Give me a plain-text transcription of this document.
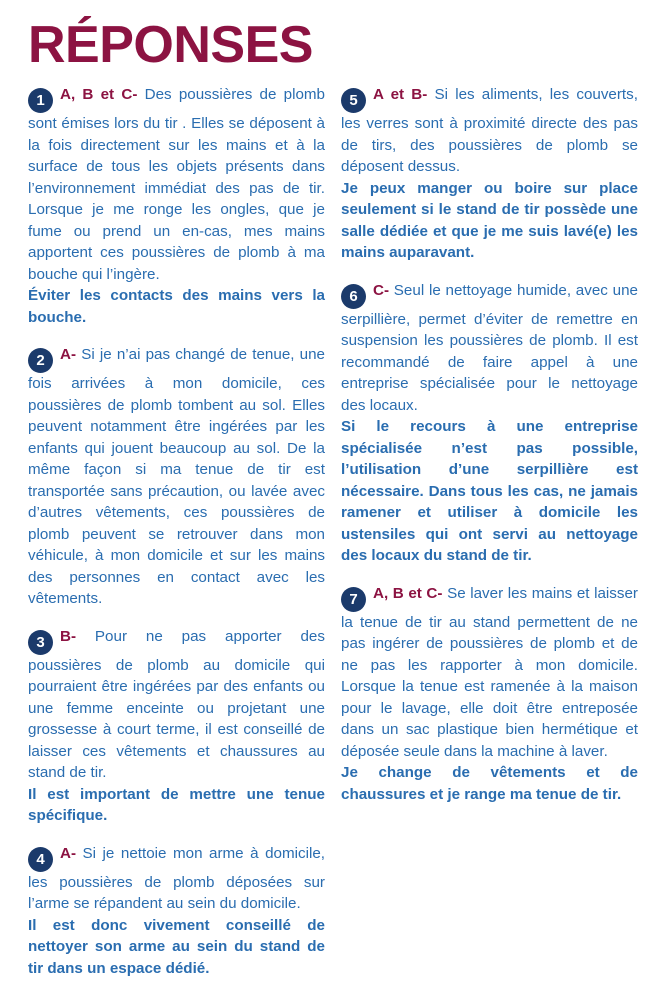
RÉPONSES

1 A, B et C- Des poussières de plomb sont émises lors du tir . Elles se déposent à la fois directement sur les mains et à la surface de tous les objets présents dans l’environnement immédiat des pas de tir. Lorsque je me ronge les ongles, que je fume ou prend un en-cas, mes mains apportent ces poussières de plomb à ma bouche qui l’ingère.

Éviter les contacts des mains vers la bouche.

2 A- Si je n’ai pas changé de tenue, une fois arrivées à mon domicile, ces poussières de plomb tombent au sol. Elles peuvent notamment être ingérées par les enfants qui jouent beaucoup au sol. De la même façon si ma tenue de tir est transportée sans précaution, ou lavée avec d’autres vêtements, ces poussières de plomb peuvent se retrouver dans mon véhicule, à mon domicile et sur les mains des personnes en contact avec les vêtements.

3 B- Pour ne pas apporter des poussières de plomb au domicile qui pourraient être ingérées par des enfants ou une femme enceinte ou projetant une grossesse à court terme, il est conseillé de laisser ces vêtements et chaussures au stand de tir.

Il est important de mettre une tenue spécifique.

4 A- Si je nettoie mon arme à domicile, les poussières de plomb déposées sur l’arme se répandent au sein du domicile.

Il est donc vivement conseillé de nettoyer son arme au sein du stand de tir dans un espace dédié.

5 A et B- Si les aliments, les couverts, les verres sont à proximité directe des pas de tirs, des poussières de plomb se déposent dessus.

Je peux manger ou boire sur place seulement si le stand de tir possède une salle dédiée et que je me suis lavé(e) les mains auparavant.

6 C- Seul le nettoyage humide, avec une serpillière, permet d’éviter de remettre en suspension les poussières de plomb. Il est recommandé de faire appel à une entreprise spécialisée pour le nettoyage des locaux.

Si le recours à une entreprise spécialisée n’est pas possible, l’utilisation d’une serpillière est nécessaire. Dans tous les cas, ne jamais ramener et utiliser à domicile les ustensiles qui ont servi au nettoyage des locaux du stand de tir.

7 A, B et C- Se laver les mains et laisser la tenue de tir au stand permettent de ne pas ingérer de poussières de plomb et de ne pas les rapporter à mon domicile. Lorsque la tenue est ramenée à la maison pour le lavage, elle doit être entreposée dans un sac plastique bien hermétique et déposée seule dans la machine à laver.

Je change de vêtements et de chaussures et je range ma tenue de tir.
